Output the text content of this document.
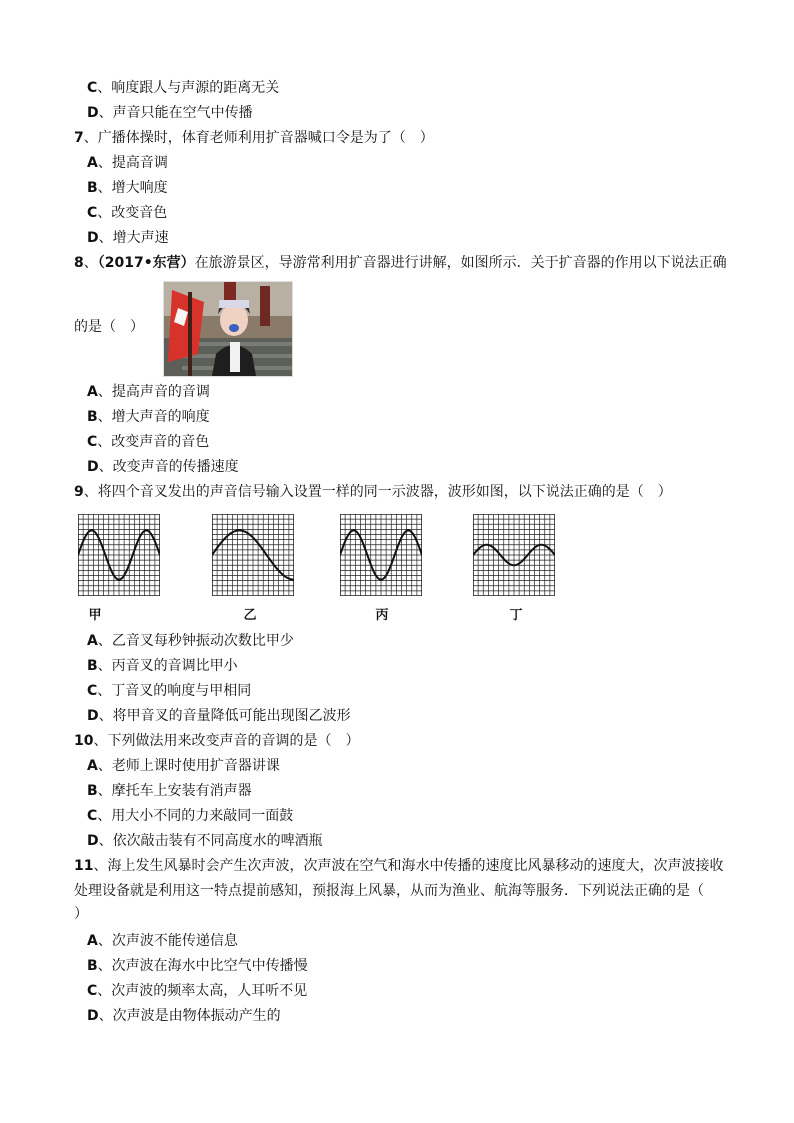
C、响度跟人与声源的距离无关
D、声音只能在空气中传播
7、广播体操时，体育老师利用扩音器喊口令是为了（　）
A、提高音调
B、增大响度
C、改变音色
D、增大声速
8、（2017•东营）在旅游景区，导游常利用扩音器进行讲解，如图所示．关于扩音器的作用以下说法正确
的是（　）
A、提高声音的音调
B、增大声音的响度
C、改变声音的音色
D、改变声音的传播速度
9、将四个音叉发出的声音信号输入设置一样的同一示波器，波形如图，以下说法正确的是（　）
甲	乙	丙	丁
A、乙音叉每秒钟振动次数比甲少
B、丙音叉的音调比甲小
C、丁音叉的响度与甲相同
D、将甲音叉的音量降低可能出现图乙波形
10、下列做法用来改变声音的音调的是（　）
A、老师上课时使用扩音器讲课
B、摩托车上安装有消声器
C、用大小不同的力来敲同一面鼓
D、依次敲击装有不同高度水的啤酒瓶
11、海上发生风暴时会产生次声波，次声波在空气和海水中传播的速度比风暴移动的速度大，次声波接收
处理设备就是利用这一特点提前感知，预报海上风暴，从而为渔业、航海等服务．下列说法正确的是（
）
A、次声波不能传递信息
B、次声波在海水中比空气中传播慢
C、次声波的频率太高，人耳听不见
D、次声波是由物体振动产生的
